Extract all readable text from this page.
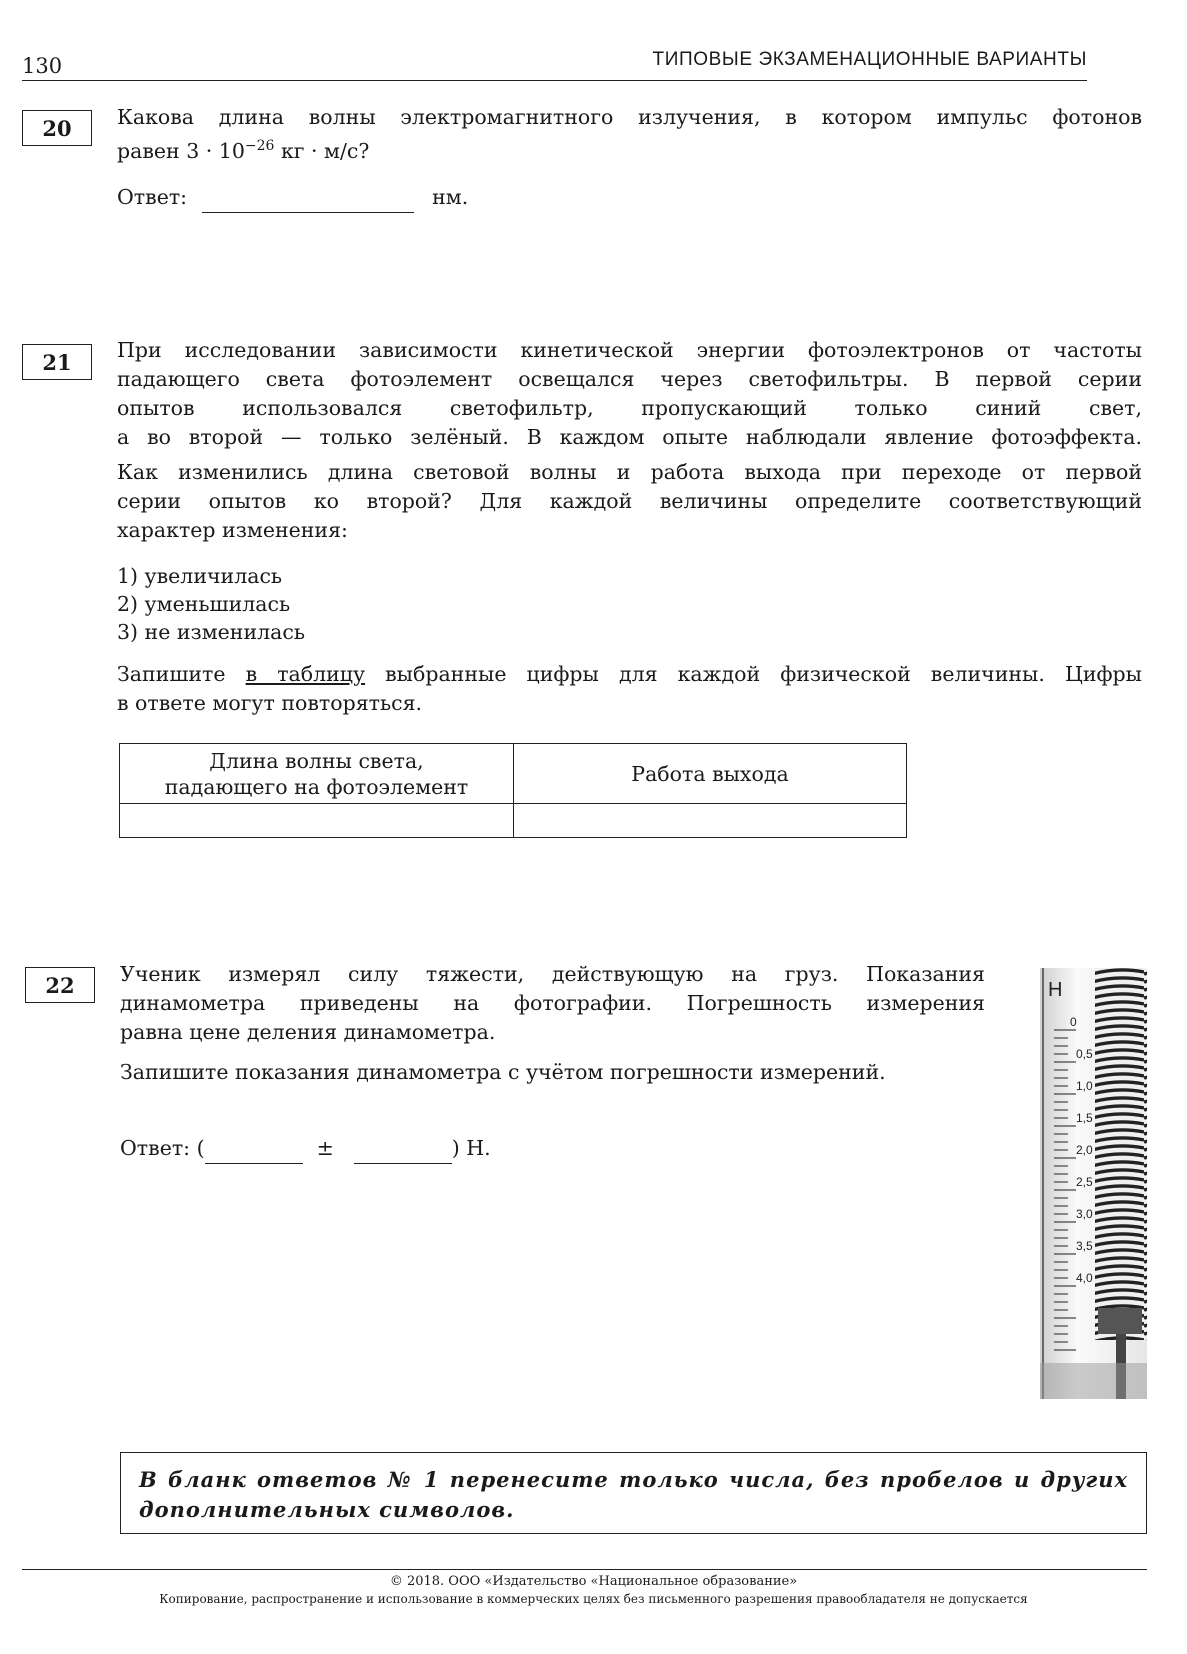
130	ТИПОВЫЕ ЭКЗАМЕНАЦИОННЫЕ ВАРИАНТЫ
20	Какова длина волны электромагнитного излучения, в котором импульс фотонов
равен $3 \cdot 10^{-26}$ кг · м/с?
Ответ:	нм.
21	При исследовании зависимости кинетической энергии фотоэлектронов от частоты
падающего света фотоэлемент освещался через светофильтры. В первой серии
опытов использовался светофильтр, пропускающий только синий свет,
а во второй — только зелёный. В каждом опыте наблюдали явление фотоэффекта.
Как изменились длина световой волны и работа выхода при переходе от первой
серии опытов ко второй? Для каждой величины определите соответствующий
характер изменения:
1) увеличилась
2) уменьшилась
3) не изменилась
Запишите в таблицу выбранные цифры для каждой физической величины. Цифры
в ответе могут повторяться.
Длина волны света,
падающего на фотоэлемент	Работа выхода

22	Ученик измерял силу тяжести, действующую на груз. Показания
динамометра приведены на фотографии. Погрешность измерения
равна цене деления динамометра.
Запишите показания динамометра с учётом погрешности измерений.
Ответ: (	±	) Н.
Н
0
0,5
1,0
1,5
2,0
2,5
3,0
3,5
4,0
В бланк ответов № 1 перенесите только числа, без пробелов и других дополнительных символов.
© 2018. ООО «Издательство «Национальное образование»
Копирование, распространение и использование в коммерческих целях без письменного разрешения правообладателя не допускается
